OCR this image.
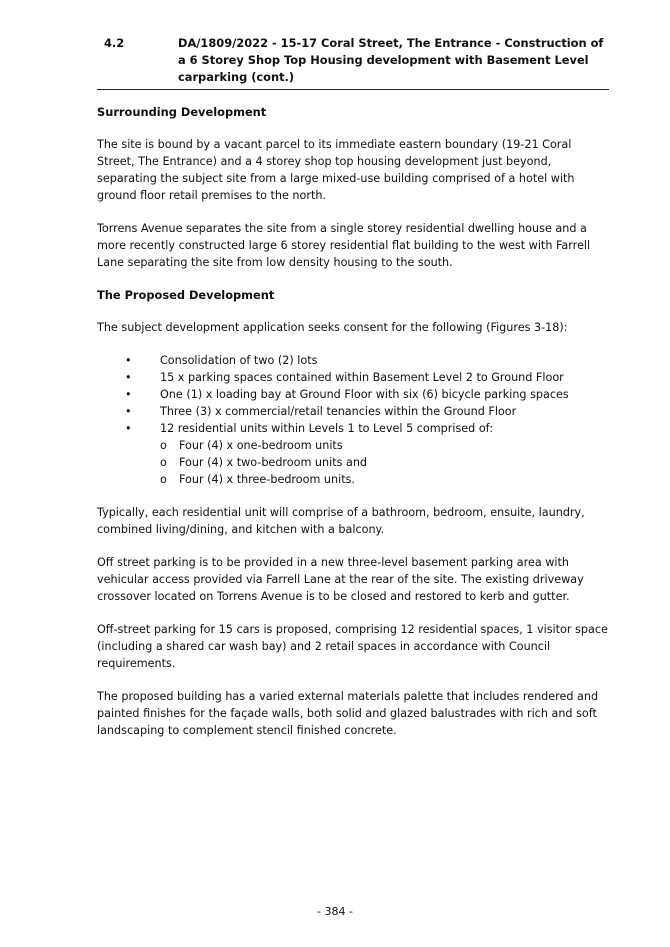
4.2	DA/1809/2022 - 15-17 Coral Street, The Entrance - Construction of a 6 Storey Shop Top Housing development with Basement Level carparking (cont.)
Surrounding Development

The site is bound by a vacant parcel to its immediate eastern boundary (19-21 Coral Street, The Entrance) and a 4 storey shop top housing development just beyond, separating the subject site from a large mixed-use building comprised of a hotel with ground floor retail premises to the north.

Torrens Avenue separates the site from a single storey residential dwelling house and a more recently constructed large 6 storey residential flat building to the west with Farrell Lane separating the site from low density housing to the south.

The Proposed Development

The subject development application seeks consent for the following (Figures 3-18):

•	Consolidation of two (2) lots
•	15 x parking spaces contained within Basement Level 2 to Ground Floor
•	One (1) x loading bay at Ground Floor with six (6) bicycle parking spaces
•	Three (3) x commercial/retail tenancies within the Ground Floor
•	12 residential units within Levels 1 to Level 5 comprised of:
o Four (4) x one-bedroom units
o Four (4) x two-bedroom units and
o Four (4) x three-bedroom units.

Typically, each residential unit will comprise of a bathroom, bedroom, ensuite, laundry, combined living/dining, and kitchen with a balcony.

Off street parking is to be provided in a new three-level basement parking area with vehicular access provided via Farrell Lane at the rear of the site. The existing driveway crossover located on Torrens Avenue is to be closed and restored to kerb and gutter.

Off-street parking for 15 cars is proposed, comprising 12 residential spaces, 1 visitor space (including a shared car wash bay) and 2 retail spaces in accordance with Council requirements.

The proposed building has a varied external materials palette that includes rendered and painted finishes for the façade walls, both solid and glazed balustrades with rich and soft landscaping to complement stencil finished concrete.

- 384 -
